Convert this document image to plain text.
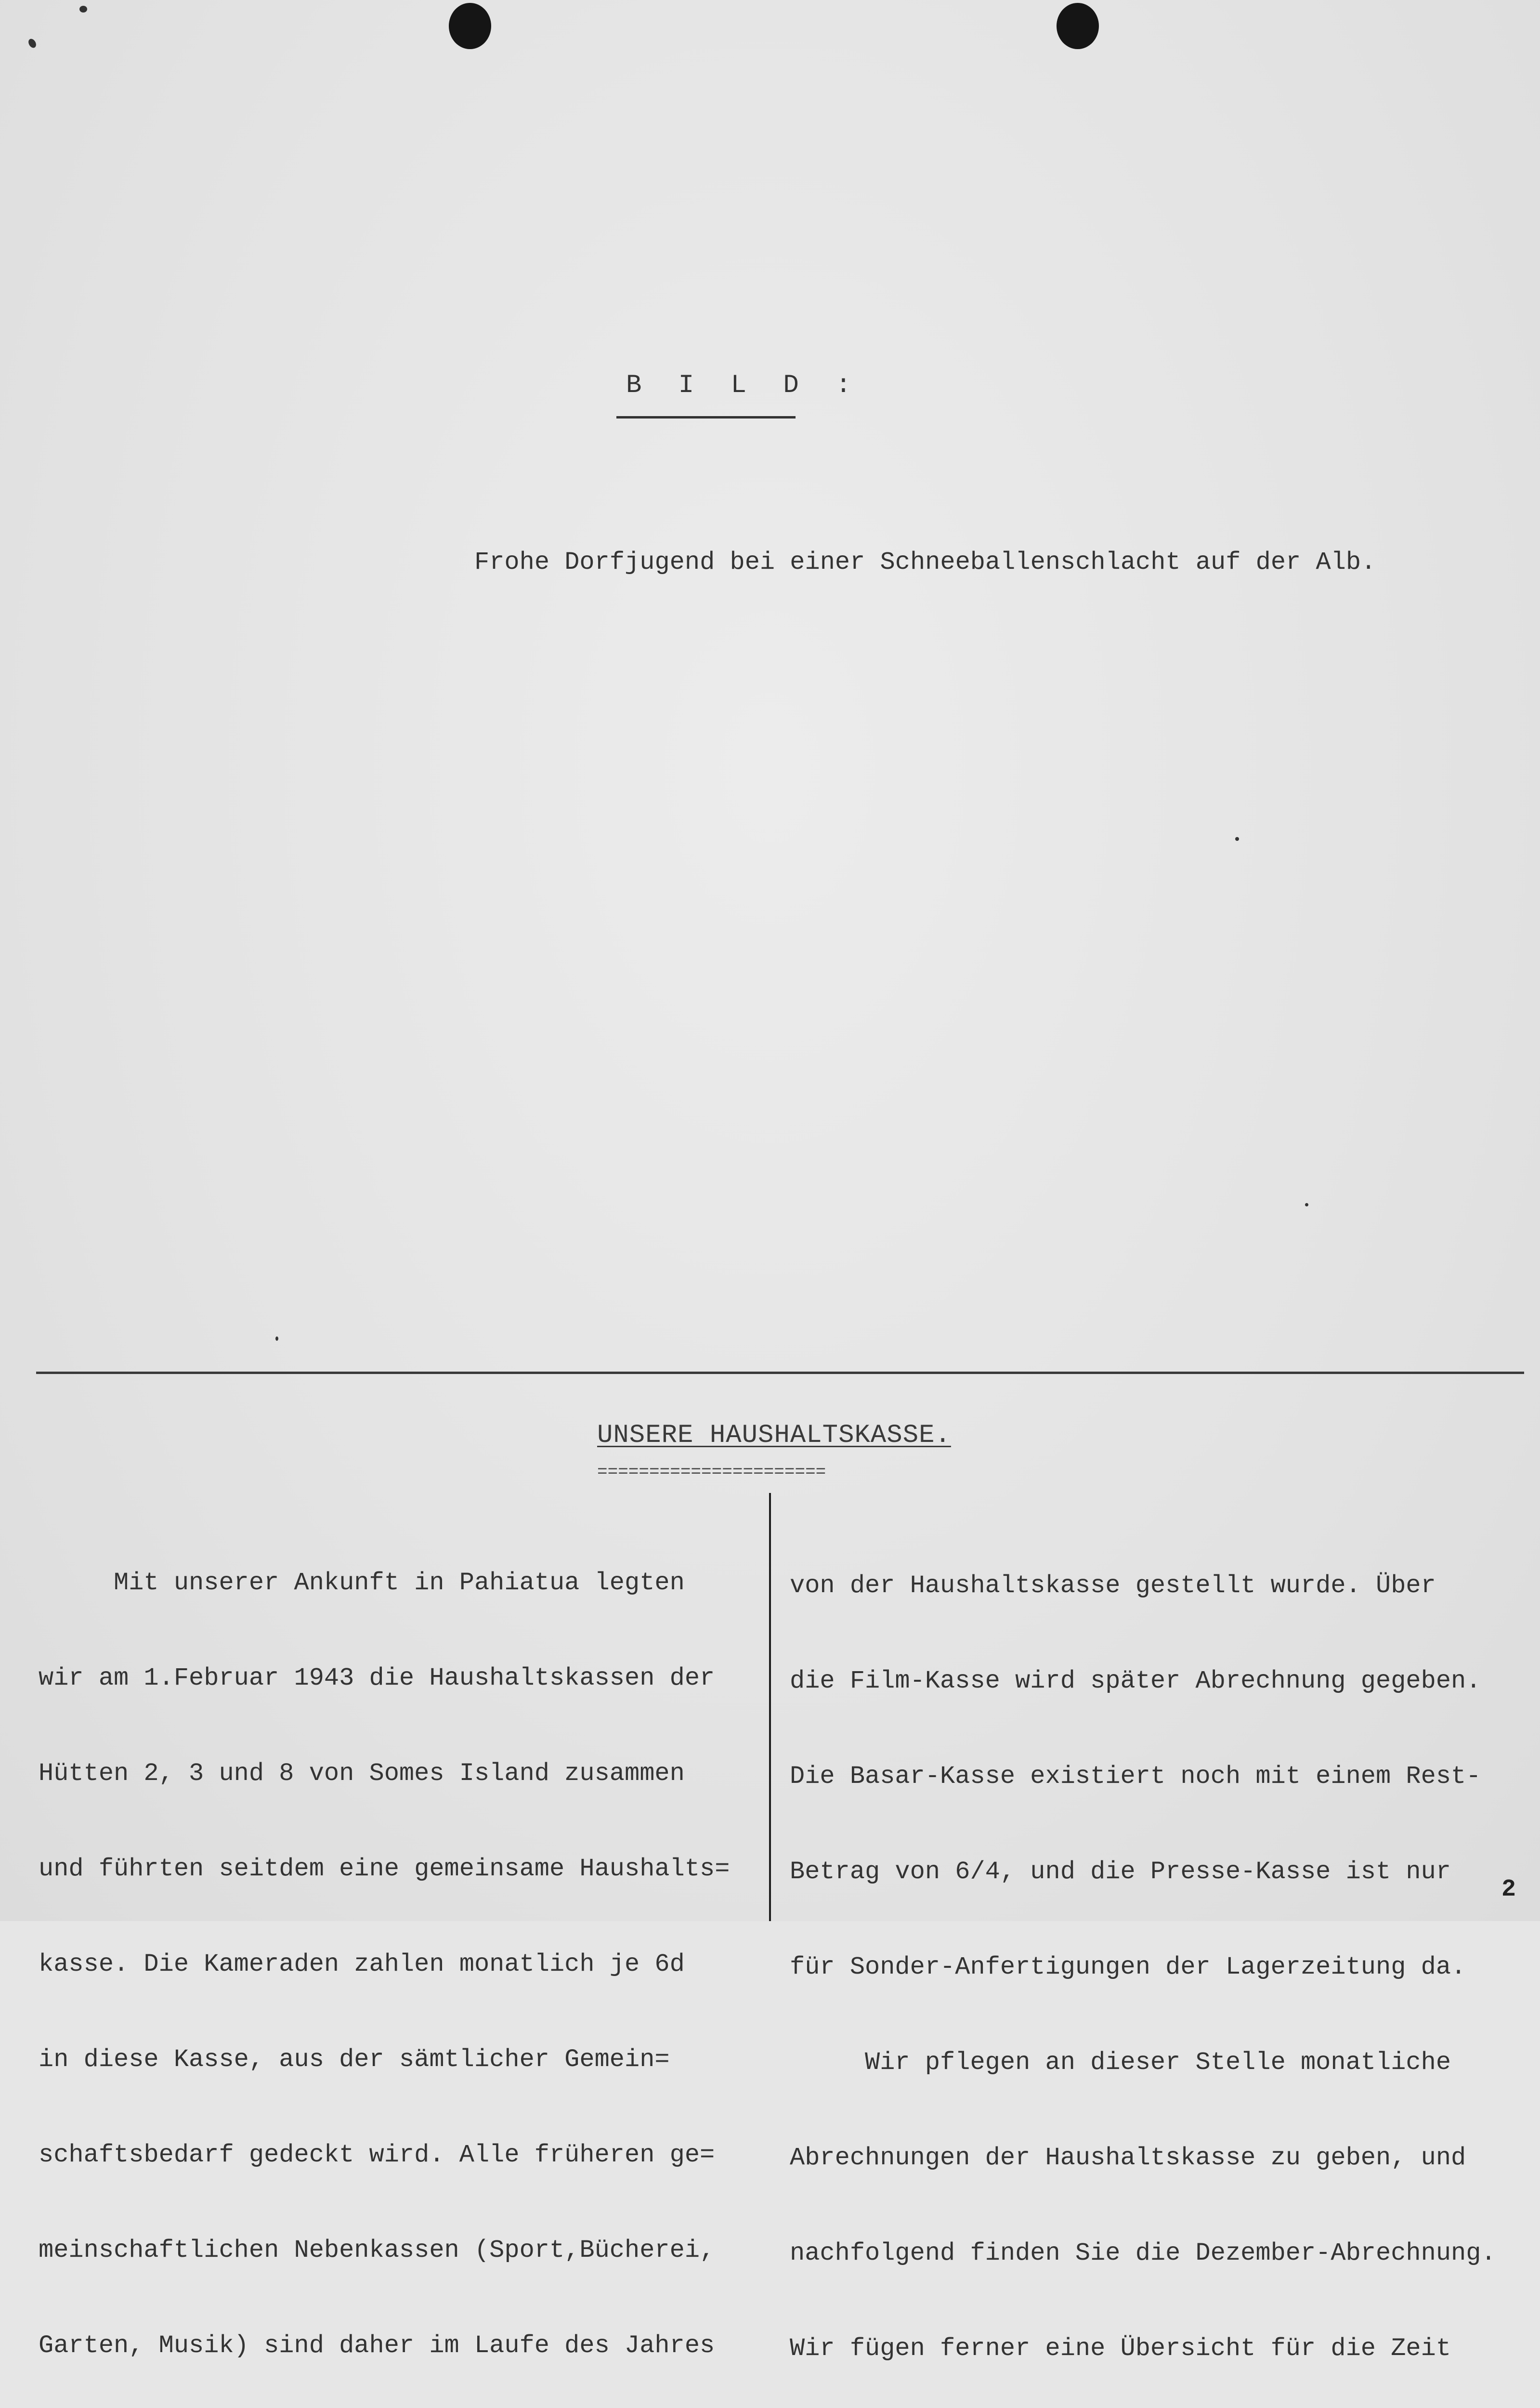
B I L D :
Frohe Dorfjugend bei einer Schneeballenschlacht auf der Alb.
UNSERE HAUSHALTSKASSE.
======================

Mit unserer Ankunft in Pahiatua legten

wir am 1.Februar 1943 die Haushaltskassen der

Hütten 2, 3 und 8 von Somes Island zusammen

und führten seitdem eine gemeinsame Haushalts=

kasse. Die Kameraden zahlen monatlich je 6d

in diese Kasse, aus der sämtlicher Gemein=

schaftsbedarf gedeckt wird. Alle früheren ge=

meinschaftlichen Nebenkassen (Sport,Bücherei,

Garten, Musik) sind daher im Laufe des Jahres

von der Haushaltskasse gestellt wurde. Über

die Film-Kasse wird später Abrechnung gegeben.

Die Basar-Kasse existiert noch mit einem Rest-

Betrag von 6/4, und die Presse-Kasse ist nur

für Sonder-Anfertigungen der Lagerzeitung da.

Wir pflegen an dieser Stelle monatliche

Abrechnungen der Haushaltskasse zu geben, und

nachfolgend finden Sie die Dezember-Abrechnung.

Wir fügen ferner eine Übersicht für die Zeit

2
